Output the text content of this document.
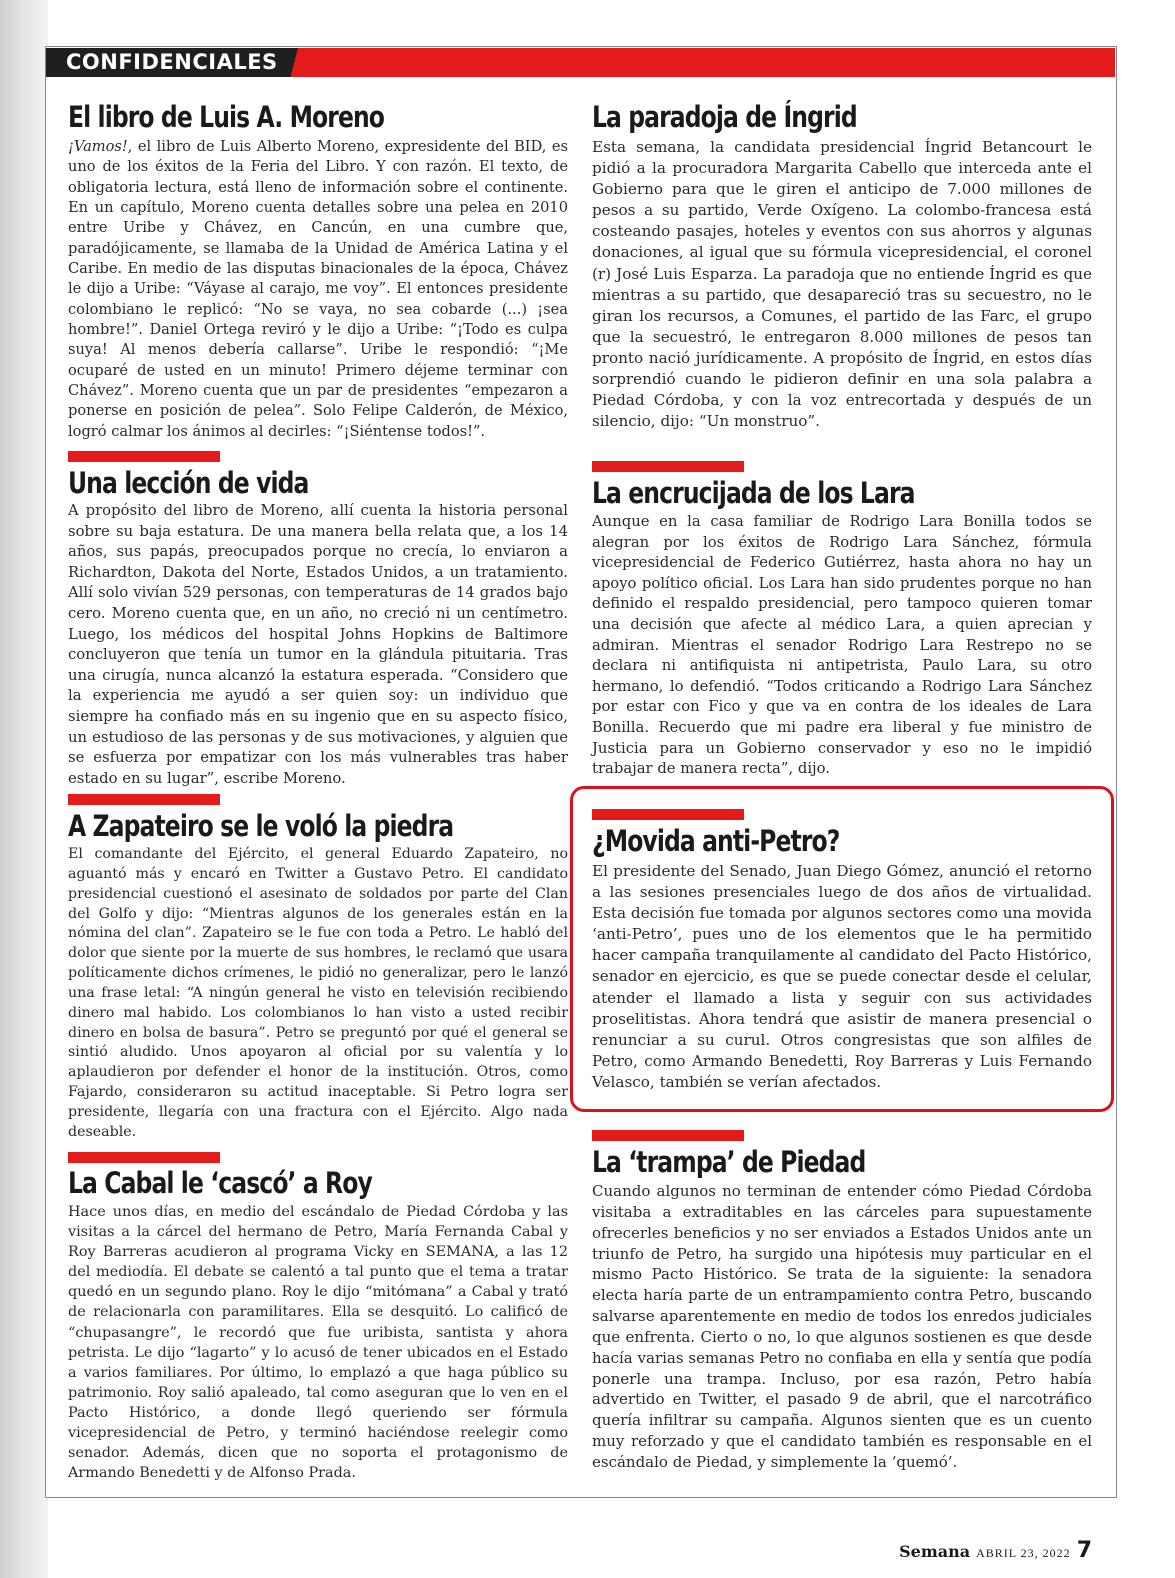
CONFIDENCIALES
El libro de Luis A. Moreno

¡Vamos!, el libro de Luis Alberto Moreno, expresidente del BID, es uno de los éxitos de la Feria del Libro. Y con razón. El texto, de obligatoria lectura, está lleno de información sobre el continente. En un capítulo, Moreno cuenta detalles sobre una pelea en 2010 entre Uribe y Chávez, en Cancún, en una cumbre que, paradójicamente, se llamaba de la Unidad de América Latina y el Caribe. En medio de las disputas binacionales de la época, Chávez le dijo a Uribe: “Váyase al carajo, me voy”. El entonces presidente colombiano le replicó: “No se vaya, no sea cobarde (...) ¡sea hombre!”. Daniel Ortega reviró y le dijo a Uribe: “¡Todo es culpa suya! Al menos debería callarse”. Uribe le respondió: “¡Me ocuparé de usted en un minuto! Primero déjeme terminar con Chávez”. Moreno cuenta que un par de presidentes “empezaron a ponerse en posición de pelea”. Solo Felipe Calderón, de México, logró calmar los ánimos al decirles: “¡Siéntense todos!”.

Una lección de vida

A propósito del libro de Moreno, allí cuenta la historia personal sobre su baja estatura. De una manera bella relata que, a los 14 años, sus papás, preocupados porque no crecía, lo enviaron a Richardton, Dakota del Norte, Estados Unidos, a un tratamiento. Allí solo vivían 529 personas, con temperaturas de 14 grados bajo cero. Moreno cuenta que, en un año, no creció ni un centímetro. Luego, los médicos del hospital Johns Hopkins de Baltimore concluyeron que tenía un tumor en la glándula pituitaria. Tras una cirugía, nunca alcanzó la estatura esperada. “Considero que la experiencia me ayudó a ser quien soy: un individuo que siempre ha confiado más en su ingenio que en su aspecto físico, un estudioso de las personas y de sus motivaciones, y alguien que se esfuerza por empatizar con los más vulnerables tras haber estado en su lugar”, escribe Moreno.

A Zapateiro se le voló la piedra

El comandante del Ejército, el general Eduardo Zapateiro, no aguantó más y encaró en Twitter a Gustavo Petro. El candidato presidencial cuestionó el asesinato de soldados por parte del Clan del Golfo y dijo: “Mientras algunos de los generales están en la nómina del clan”. Zapateiro se le fue con toda a Petro. Le habló del dolor que siente por la muerte de sus hombres, le reclamó que usara políticamente dichos crímenes, le pidió no generalizar, pero le lanzó una frase letal: “A ningún general he visto en televisión recibiendo dinero mal habido. Los colombianos lo han visto a usted recibir dinero en bolsa de basura”. Petro se preguntó por qué el general se sintió aludido. Unos apoyaron al oficial por su valentía y lo aplaudieron por defender el honor de la institución. Otros, como Fajardo, consideraron su actitud inaceptable. Si Petro logra ser presidente, llegaría con una fractura con el Ejército. Algo nada deseable.

La Cabal le ‘cascó’ a Roy

Hace unos días, en medio del escándalo de Piedad Córdoba y las visitas a la cárcel del hermano de Petro, María Fernanda Cabal y Roy Barreras acudieron al programa Vicky en SEMANA, a las 12 del mediodía. El debate se calentó a tal punto que el tema a tratar quedó en un segundo plano. Roy le dijo “mitómana” a Cabal y trató de relacionarla con paramilitares. Ella se desquitó. Lo calificó de “chupasangre”, le recordó que fue uribista, santista y ahora petrista. Le dijo “lagarto” y lo acusó de tener ubicados en el Estado a varios familiares. Por último, lo emplazó a que haga público su patrimonio. Roy salió apaleado, tal como aseguran que lo ven en el Pacto Histórico, a donde llegó queriendo ser fórmula vicepresidencial de Petro, y terminó haciéndose reelegir como senador. Además, dicen que no soporta el protagonismo de Armando Benedetti y de Alfonso Prada.

La paradoja de Íngrid

Esta semana, la candidata presidencial Íngrid Betancourt le pidió a la procuradora Margarita Cabello que interceda ante el Gobierno para que le giren el anticipo de 7.000 millones de pesos a su partido, Verde Oxígeno. La colombo-francesa está costeando pasajes, hoteles y eventos con sus ahorros y algunas donaciones, al igual que su fórmula vicepresidencial, el coronel (r) José Luis Esparza. La paradoja que no entiende Íngrid es que mientras a su partido, que desapareció tras su secuestro, no le giran los recursos, a Comunes, el partido de las Farc, el grupo que la secuestró, le entregaron 8.000 millones de pesos tan pronto nació jurídicamente. A propósito de Íngrid, en estos días sorprendió cuando le pidieron definir en una sola palabra a Piedad Córdoba, y con la voz entrecortada y después de un silencio, dijo: “Un monstruo”.

La encrucijada de los Lara

Aunque en la casa familiar de Rodrigo Lara Bonilla todos se alegran por los éxitos de Rodrigo Lara Sánchez, fórmula vicepresidencial de Federico Gutiérrez, hasta ahora no hay un apoyo político oficial. Los Lara han sido prudentes porque no han definido el respaldo presidencial, pero tampoco quieren tomar una decisión que afecte al médico Lara, a quien aprecian y admiran. Mientras el senador Rodrigo Lara Restrepo no se declara ni antifiquista ni antipetrista, Paulo Lara, su otro hermano, lo defendió. “Todos criticando a Rodrigo Lara Sánchez por estar con Fico y que va en contra de los ideales de Lara Bonilla. Recuerdo que mi padre era liberal y fue ministro de Justicia para un Gobierno conservador y eso no le impidió trabajar de manera recta”, dijo.

¿Movida anti-Petro?

El presidente del Senado, Juan Diego Gómez, anunció el retorno a las sesiones presenciales luego de dos años de virtualidad. Esta decisión fue tomada por algunos sectores como una movida ‘anti-Petro’, pues uno de los elementos que le ha permitido hacer campaña tranquilamente al candidato del Pacto Histórico, senador en ejercicio, es que se puede conectar desde el celular, atender el llamado a lista y seguir con sus actividades proselitistas. Ahora tendrá que asistir de manera presencial o renunciar a su curul. Otros congresistas que son alfiles de Petro, como Armando Benedetti, Roy Barreras y Luis Fernando Velasco, también se verían afectados.

La ‘trampa’ de Piedad

Cuando algunos no terminan de entender cómo Piedad Córdoba visitaba a extraditables en las cárceles para supuestamente ofrecerles beneficios y no ser enviados a Estados Unidos ante un triunfo de Petro, ha surgido una hipótesis muy particular en el mismo Pacto Histórico. Se trata de la siguiente: la senadora electa haría parte de un entrampamiento contra Petro, buscando salvarse aparentemente en medio de todos los enredos judiciales que enfrenta. Cierto o no, lo que algunos sostienen es que desde hacía varias semanas Petro no confiaba en ella y sentía que podía ponerle una trampa. Incluso, por esa razón, Petro había advertido en Twitter, el pasado 9 de abril, que el narcotráfico quería infiltrar su campaña. Algunos sienten que es un cuento muy reforzado y que el candidato también es responsable en el escándalo de Piedad, y simplemente la ‘quemó’.

Semana ABRIL 23, 2022 7
